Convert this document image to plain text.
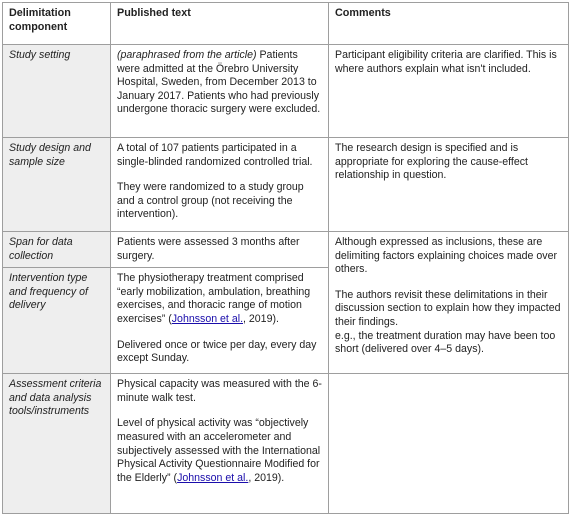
Delimitation component	Published text	Comments
Study setting	(paraphrased from the article) Patients were admitted at the Örebro University Hospital, Sweden, from December 2013 to January 2017. Patients who had previously undergone thoracic surgery were excluded.	Participant eligibility criteria are clarified. This is where authors explain what isn't included.

Study design and sample size	A total of 107 patients participated in a single-blinded randomized controlled trial.

They were randomized to a study group and a control group (not receiving the intervention).	The research design is specified and is appropriate for exploring the cause-effect relationship in question.

Span for data collection	Patients were assessed 3 months after surgery.	Although expressed as inclusions, these are delimiting factors explaining choices made over others.

The authors revisit these delimitations in their discussion section to explain how they impacted their findings.

e.g., the treatment duration may have been too short (delivered over 4–5 days).

Intervention type and frequency of delivery	The physiotherapy treatment comprised “early mobilization, ambulation, breathing exercises, and thoracic range of motion exercises” (Johnsson et al., 2019).

Delivered once or twice per day, every day except Sunday.	

Assessment criteria and data analysis tools/instruments	Physical capacity was measured with the 6-minute walk test.

Level of physical activity was “objectively measured with an accelerometer and subjectively assessed with the International Physical Activity Questionnaire Modified for the Elderly” (Johnsson et al., 2019).	
